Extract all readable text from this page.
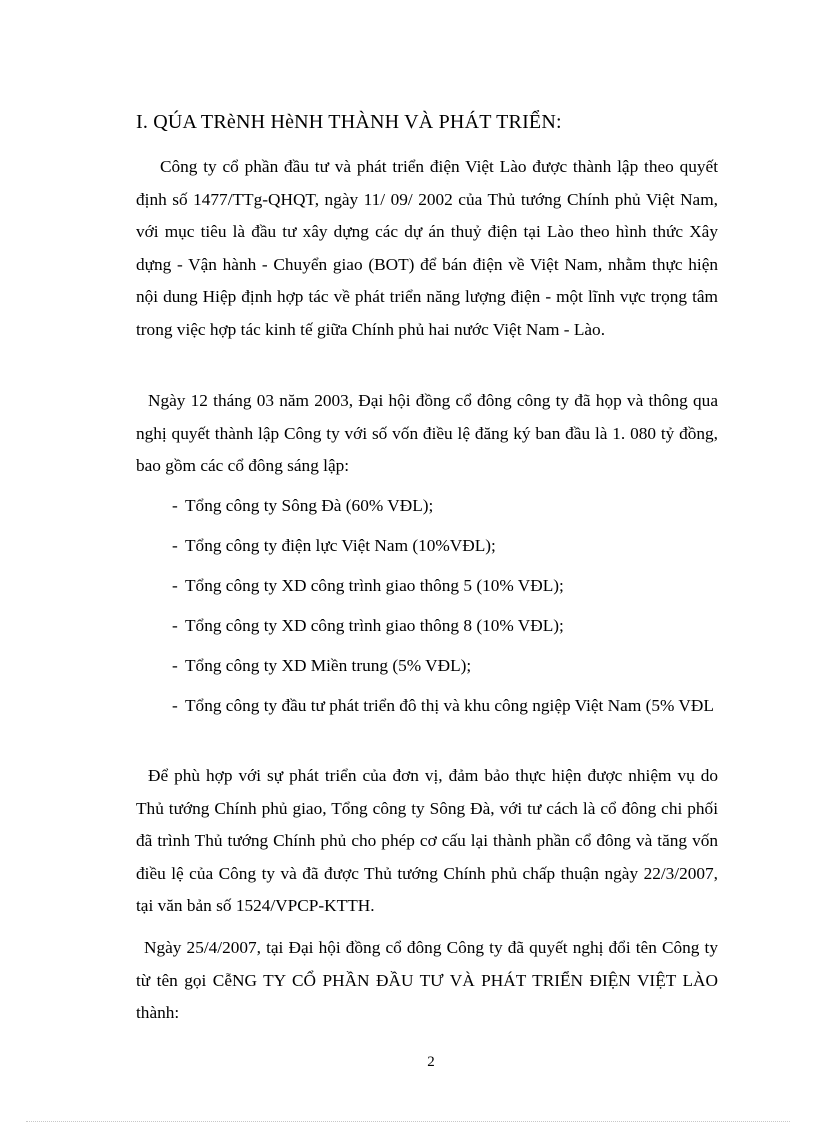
I. QÚA TRèNH HèNH THÀNH VÀ PHÁT TRIỂN:

Công ty cổ phần đầu tư và phát triển điện Việt Lào được thành lập theo quyết định số 1477/TTg-QHQT, ngày 11/ 09/ 2002 của Thủ tướng Chính phủ Việt Nam, với mục tiêu là đầu tư xây dựng các dự án thuỷ điện tại Lào theo hình thức Xây dựng - Vận hành - Chuyển giao (BOT) để bán điện về Việt Nam, nhằm thực hiện nội dung Hiệp định hợp tác về phát triển năng lượng điện - một lĩnh vực trọng tâm trong việc hợp tác kinh tế giữa Chính phủ hai nước Việt Nam - Lào.

Ngày 12 tháng 03 năm 2003, Đại hội đồng cổ đông công ty đã họp và thông qua nghị quyết thành lập Công ty với số vốn điều lệ đăng ký ban đầu là 1. 080 tỷ đồng, bao gồm các cổ đông sáng lập:

- Tổng công ty Sông Đà (60% VĐL);
- Tổng công ty điện lực Việt Nam (10%VĐL);
- Tổng công ty XD công trình giao thông 5 (10% VĐL);
- Tổng công ty XD công trình giao thông 8 (10% VĐL);
- Tổng công ty XD Miền trung (5% VĐL);
- Tổng công ty đầu tư phát triển đô thị và khu công ngiệp Việt Nam (5% VĐL

Để phù hợp với sự phát triển của đơn vị, đảm bảo thực hiện được nhiệm vụ do Thủ tướng Chính phủ giao, Tổng công ty Sông Đà, với tư cách là cổ đông chi phối đã trình Thủ tướng Chính phủ cho phép cơ cấu lại thành phần cổ đông và tăng vốn điều lệ của Công ty và đã được Thủ tướng Chính phủ chấp thuận ngày 22/3/2007, tại văn bản số 1524/VPCP-KTTH.

Ngày 25/4/2007, tại Đại hội đồng cổ đông Công ty đã quyết nghị đổi tên Công ty từ tên gọi CễNG TY CỔ PHẦN ĐẦU TƯ VÀ PHÁT TRIỂN ĐIỆN VIỆT LÀO thành:

2
